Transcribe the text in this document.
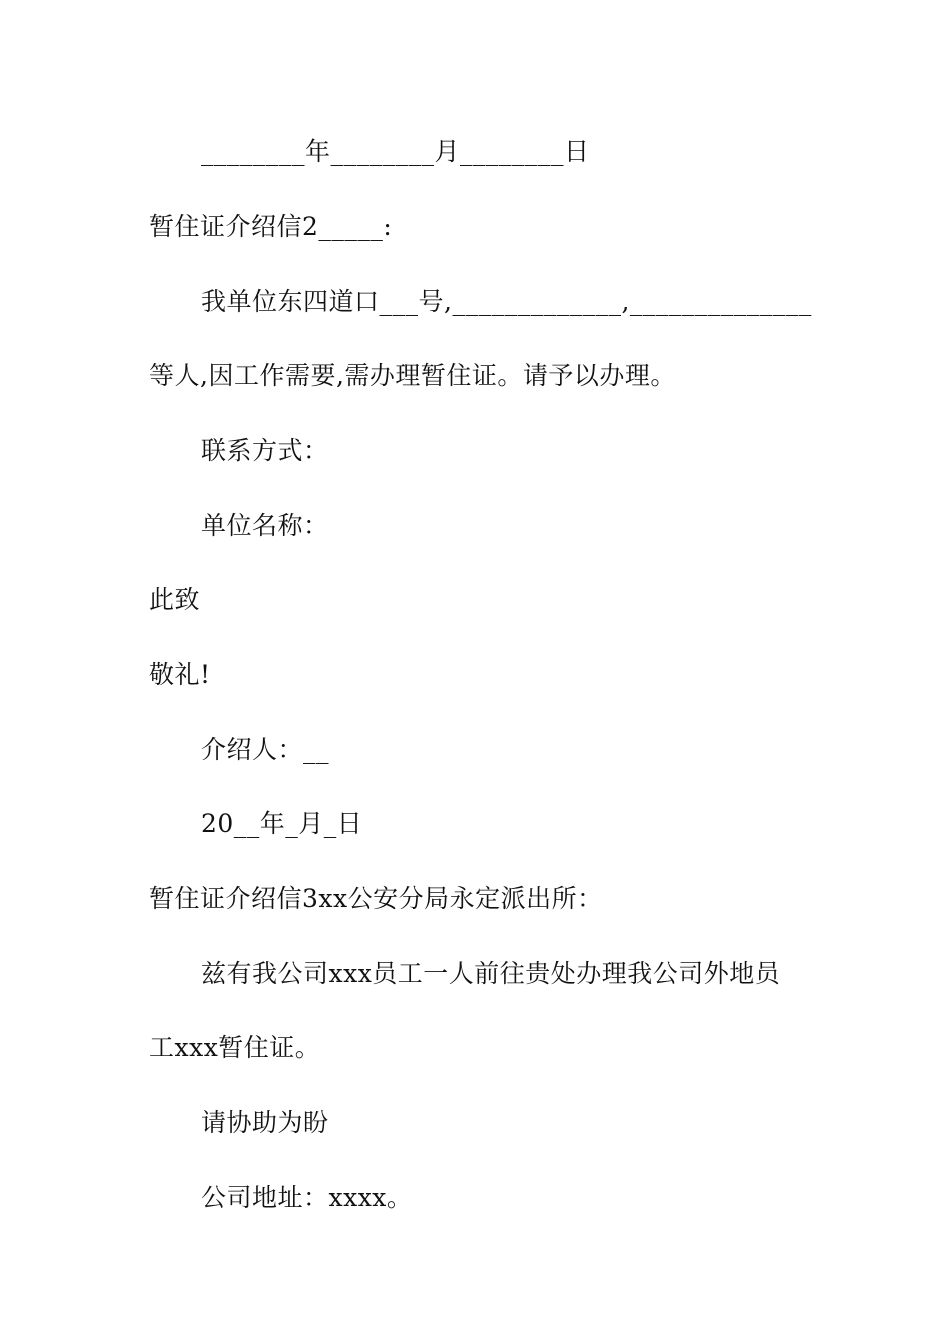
________年________月________日
暂住证介绍信2_____:
我单位东四道口___号,_____________,______________
等人,因工作需要,需办理暂住证。请予以办理。
联系方式：
单位名称：
此致
敬礼!
介绍人：__
20__年_月_日
暂住证介绍信3xx公安分局永定派出所：
兹有我公司xxx员工一人前往贵处办理我公司外地员
工xxx暂住证。
请协助为盼
公司地址：xxxx。
